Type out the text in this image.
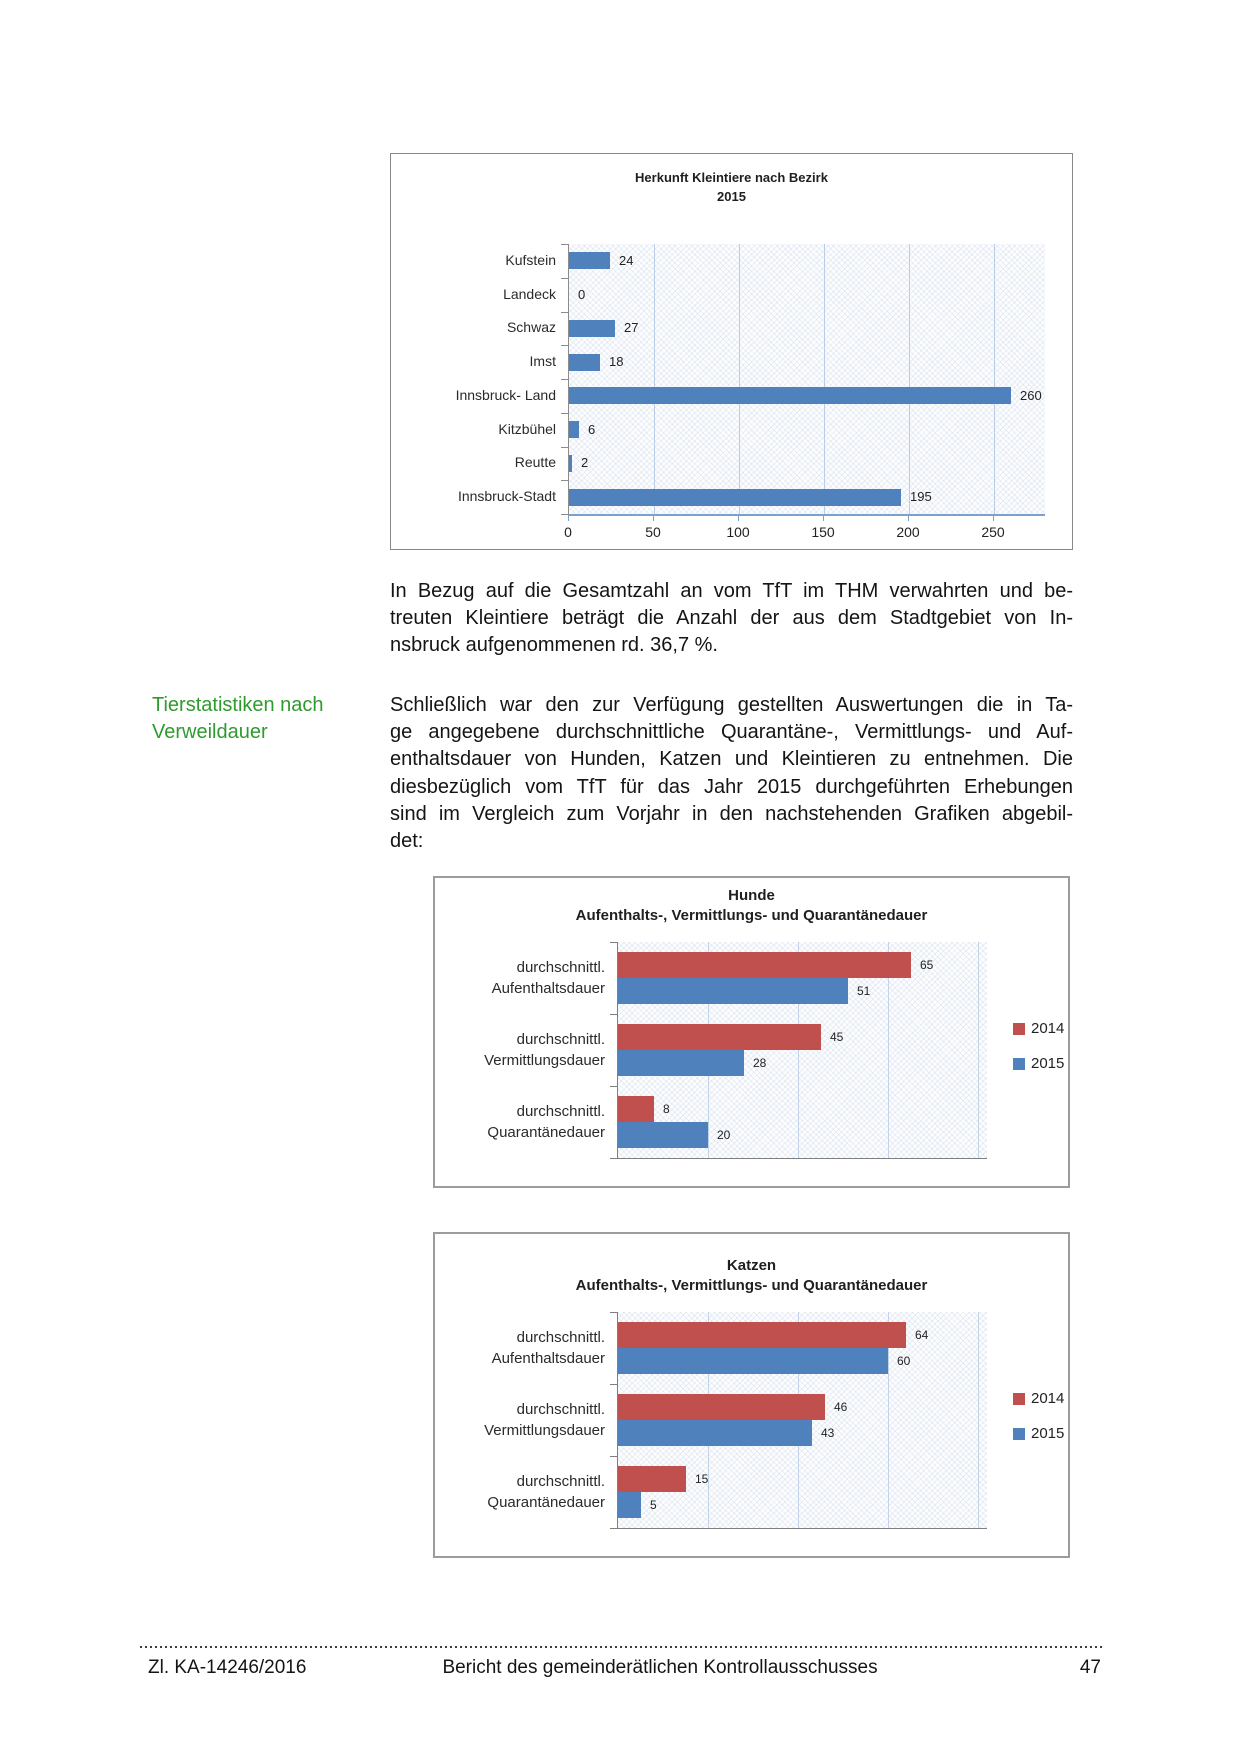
Herkunft Kleintiere nach Bezirk
2015
Kufstein	24
Landeck 0
Schwaz	27
Imst	18
Innsbruck- Land	260
Kitzbühel 6
Reutte 2
Innsbruck-Stadt	195
0	50	100	150	200	250
In Bezug auf die Gesamtzahl an vom TfT im THM verwahrten und be-
treuten Kleintiere beträgt die Anzahl der aus dem Stadtgebiet von In-
nsbruck aufgenommenen rd. 36,7 %.
Tierstatistiken nach
Verweildauer
Schließlich war den zur Verfügung gestellten Auswertungen die in Ta-
ge angegebene durchschnittliche Quarantäne-, Vermittlungs- und Auf-
enthaltsdauer von Hunden, Katzen und Kleintieren zu entnehmen. Die
diesbezüglich vom TfT für das Jahr 2015 durchgeführten Erhebungen
sind im Vergleich zum Vorjahr in den nachstehenden Grafiken abgebil-
det:
Hunde
Aufenthalts-, Vermittlungs- und Quarantänedauer
durchschnittl.
Aufenthaltsdauer
65
51
durchschnittl.
Vermittlungsdauer
45
28
durchschnittl.
Quarantänedauer
8
20
2014
2015
Katzen
Aufenthalts-, Vermittlungs- und Quarantänedauer
durchschnittl.
Aufenthaltsdauer
64
60
durchschnittl.
Vermittlungsdauer
46
43
durchschnittl.
Quarantänedauer
15
5
2014
2015
Zl. KA-14246/2016	Bericht des gemeinderätlichen Kontrollausschusses	47
